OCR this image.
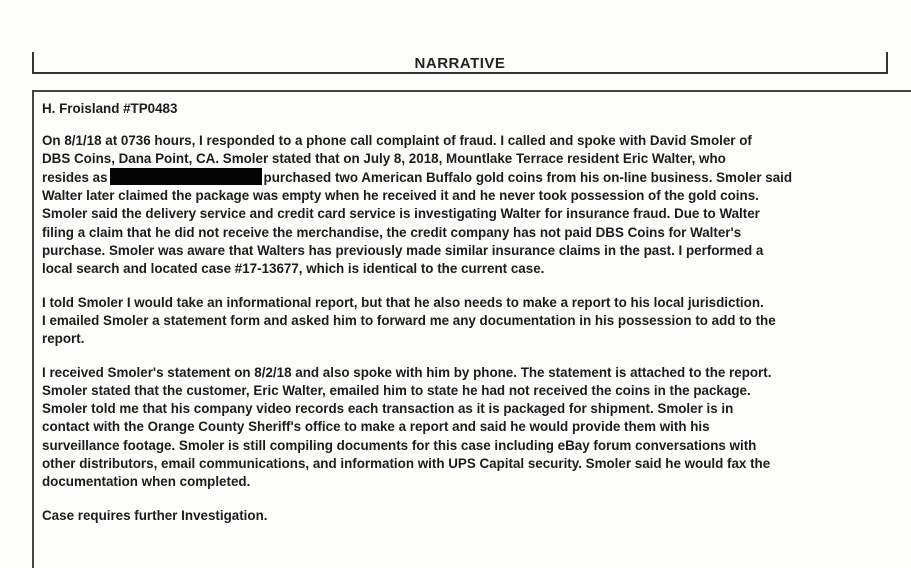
NARRATIVE
H. Froisland #TP0483
On 8/1/18 at 0736 hours, I responded to a phone call complaint of fraud. I called and spoke with David Smoler of
DBS Coins, Dana Point, CA. Smoler stated that on July 8, 2018, Mountlake Terrace resident Eric Walter, who
resides as	purchased two American Buffalo gold coins from his on-line business. Smoler said
Walter later claimed the package was empty when he received it and he never took possession of the gold coins.
Smoler said the delivery service and credit card service is investigating Walter for insurance fraud. Due to Walter
filing a claim that he did not receive the merchandise, the credit company has not paid DBS Coins for Walter's
purchase. Smoler was aware that Walters has previously made similar insurance claims in the past. I performed a
local search and located case #17-13677, which is identical to the current case.
I told Smoler I would take an informational report, but that he also needs to make a report to his local jurisdiction.
I emailed Smoler a statement form and asked him to forward me any documentation in his possession to add to the
report.
I received Smoler's statement on 8/2/18 and also spoke with him by phone. The statement is attached to the report.
Smoler stated that the customer, Eric Walter, emailed him to state he had not received the coins in the package.
Smoler told me that his company video records each transaction as it is packaged for shipment. Smoler is in
contact with the Orange County Sheriff's office to make a report and said he would provide them with his
surveillance footage. Smoler is still compiling documents for this case including eBay forum conversations with
other distributors, email communications, and information with UPS Capital security. Smoler said he would fax the
documentation when completed.
Case requires further Investigation.
